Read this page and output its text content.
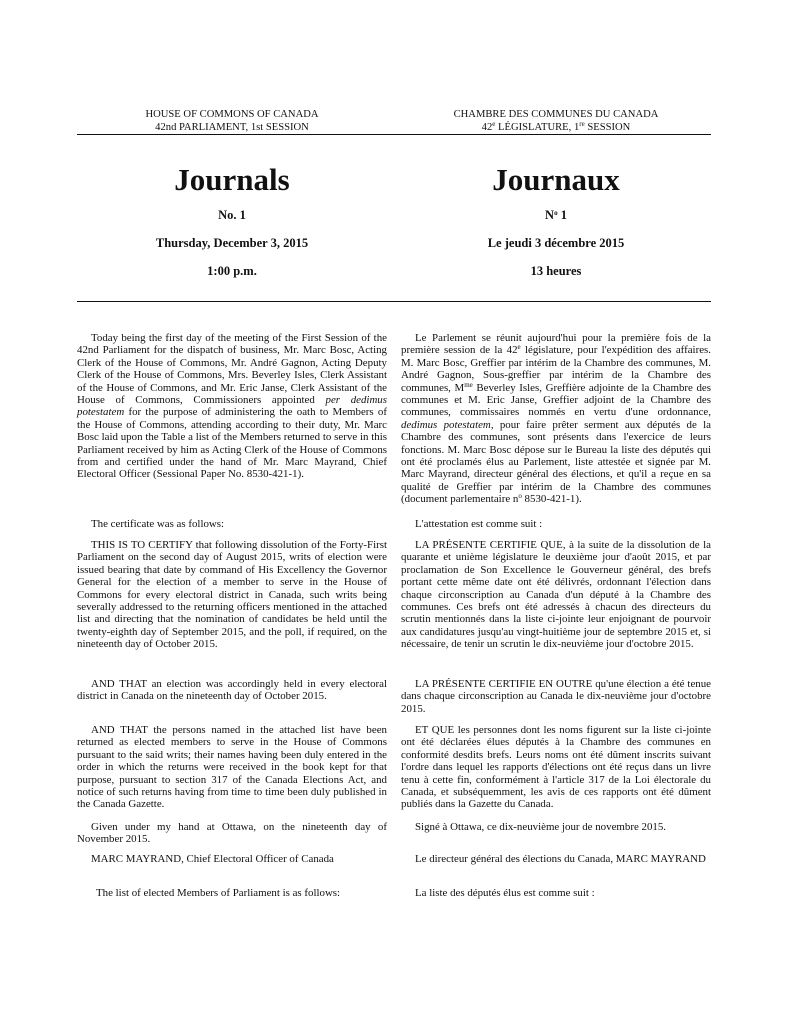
HOUSE OF COMMONS OF CANADA
42nd PARLIAMENT, 1st SESSION
CHAMBRE DES COMMUNES DU CANADA
42e LÉGISLATURE, 1re SESSION
Journals	Journaux
No. 1	$N^o$ 1
Thursday, December 3, 2015	Le jeudi 3 décembre 2015
1:00 p.m.	13 heures

Today being the first day of the meeting of the First Session of the 42nd Parliament for the dispatch of business, Mr. Marc Bosc, Acting Clerk of the House of Commons, Mr. André Gagnon, Acting Deputy Clerk of the House of Commons, Mrs. Beverley Isles, Clerk Assistant of the House of Commons, and Mr. Eric Janse, Clerk Assistant of the House of Commons, Commissioners appointed per dedimus potestatem for the purpose of administering the oath to Members of the House of Commons, attending according to their duty, Mr. Marc Bosc laid upon the Table a list of the Members returned to serve in this Parliament received by him as Acting Clerk of the House of Commons from and certified under the hand of Mr. Marc Mayrand, Chief Electoral Officer (Sessional Paper No. 8530-421-1).

The certificate was as follows:

THIS IS TO CERTIFY that following dissolution of the Forty-First Parliament on the second day of August 2015, writs of election were issued bearing that date by command of His Excellency the Governor General for the election of a member to serve in the House of Commons for every electoral district in Canada, such writs being severally addressed to the returning officers mentioned in the attached list and directing that the nomination of candidates be held until the twenty-eighth day of September 2015, and the poll, if required, on the nineteenth day of October 2015.

AND THAT an election was accordingly held in every electoral district in Canada on the nineteenth day of October 2015.

AND THAT the persons named in the attached list have been returned as elected members to serve in the House of Commons pursuant to the said writs; their names having been duly entered in the order in which the returns were received in the book kept for that purpose, pursuant to section 317 of the Canada Elections Act, and notice of such returns having from time to time been duly published in the Canada Gazette.

Given under my hand at Ottawa, on the nineteenth day of November 2015.

MARC MAYRAND, Chief Electoral Officer of Canada

The list of elected Members of Parliament is as follows:

Le Parlement se réunit aujourd'hui pour la première fois de la première session de la 42e législature, pour l'expédition des affaires. M. Marc Bosc, Greffier par intérim de la Chambre des communes, M. André Gagnon, Sous-greffier par intérim de la Chambre des communes, $M^{me}$ Beverley Isles, Greffière adjointe de la Chambre des communes et M. Eric Janse, Greffier adjoint de la Chambre des communes, commissaires nommés en vertu d'une ordonnance, dedimus potestatem, pour faire prêter serment aux députés de la Chambre des communes, sont présents dans l'exercice de leurs fonctions. M. Marc Bosc dépose sur le Bureau la liste des députés qui ont été proclamés élus au Parlement, liste attestée et signée par M. Marc Mayrand, directeur général des élections, et qu'il a reçue en sa qualité de Greffier par intérim de la Chambre des communes (document parlementaire $n^o$ 8530-421-1).

L'attestation est comme suit :

LA PRÉSENTE CERTIFIE QUE, à la suite de la dissolution de la quarante et unième législature le deuxième jour d'août 2015, et par proclamation de Son Excellence le Gouverneur général, des brefs portant cette même date ont été délivrés, ordonnant l'élection dans chaque circonscription au Canada d'un député à la Chambre des communes. Ces brefs ont été adressés à chacun des directeurs du scrutin mentionnés dans la liste ci-jointe leur enjoignant de pourvoir aux candidatures jusqu'au vingt-huitième jour de septembre 2015 et, si nécessaire, de tenir un scrutin le dix-neuvième jour d'octobre 2015.

LA PRÉSENTE CERTIFIE EN OUTRE qu'une élection a été tenue dans chaque circonscription au Canada le dix-neuvième jour d'octobre 2015.

ET QUE les personnes dont les noms figurent sur la liste ci-jointe ont été déclarées élues députés à la Chambre des communes en conformité desdits brefs. Leurs noms ont été dûment inscrits suivant l'ordre dans lequel les rapports d'élections ont été reçus dans un livre tenu à cette fin, conformément à l'article 317 de la Loi électorale du Canada, et subséquemment, les avis de ces rapports ont été dûment publiés dans la Gazette du Canada.

Signé à Ottawa, ce dix-neuvième jour de novembre 2015.

Le directeur général des élections du Canada, MARC MAYRAND

La liste des députés élus est comme suit :
